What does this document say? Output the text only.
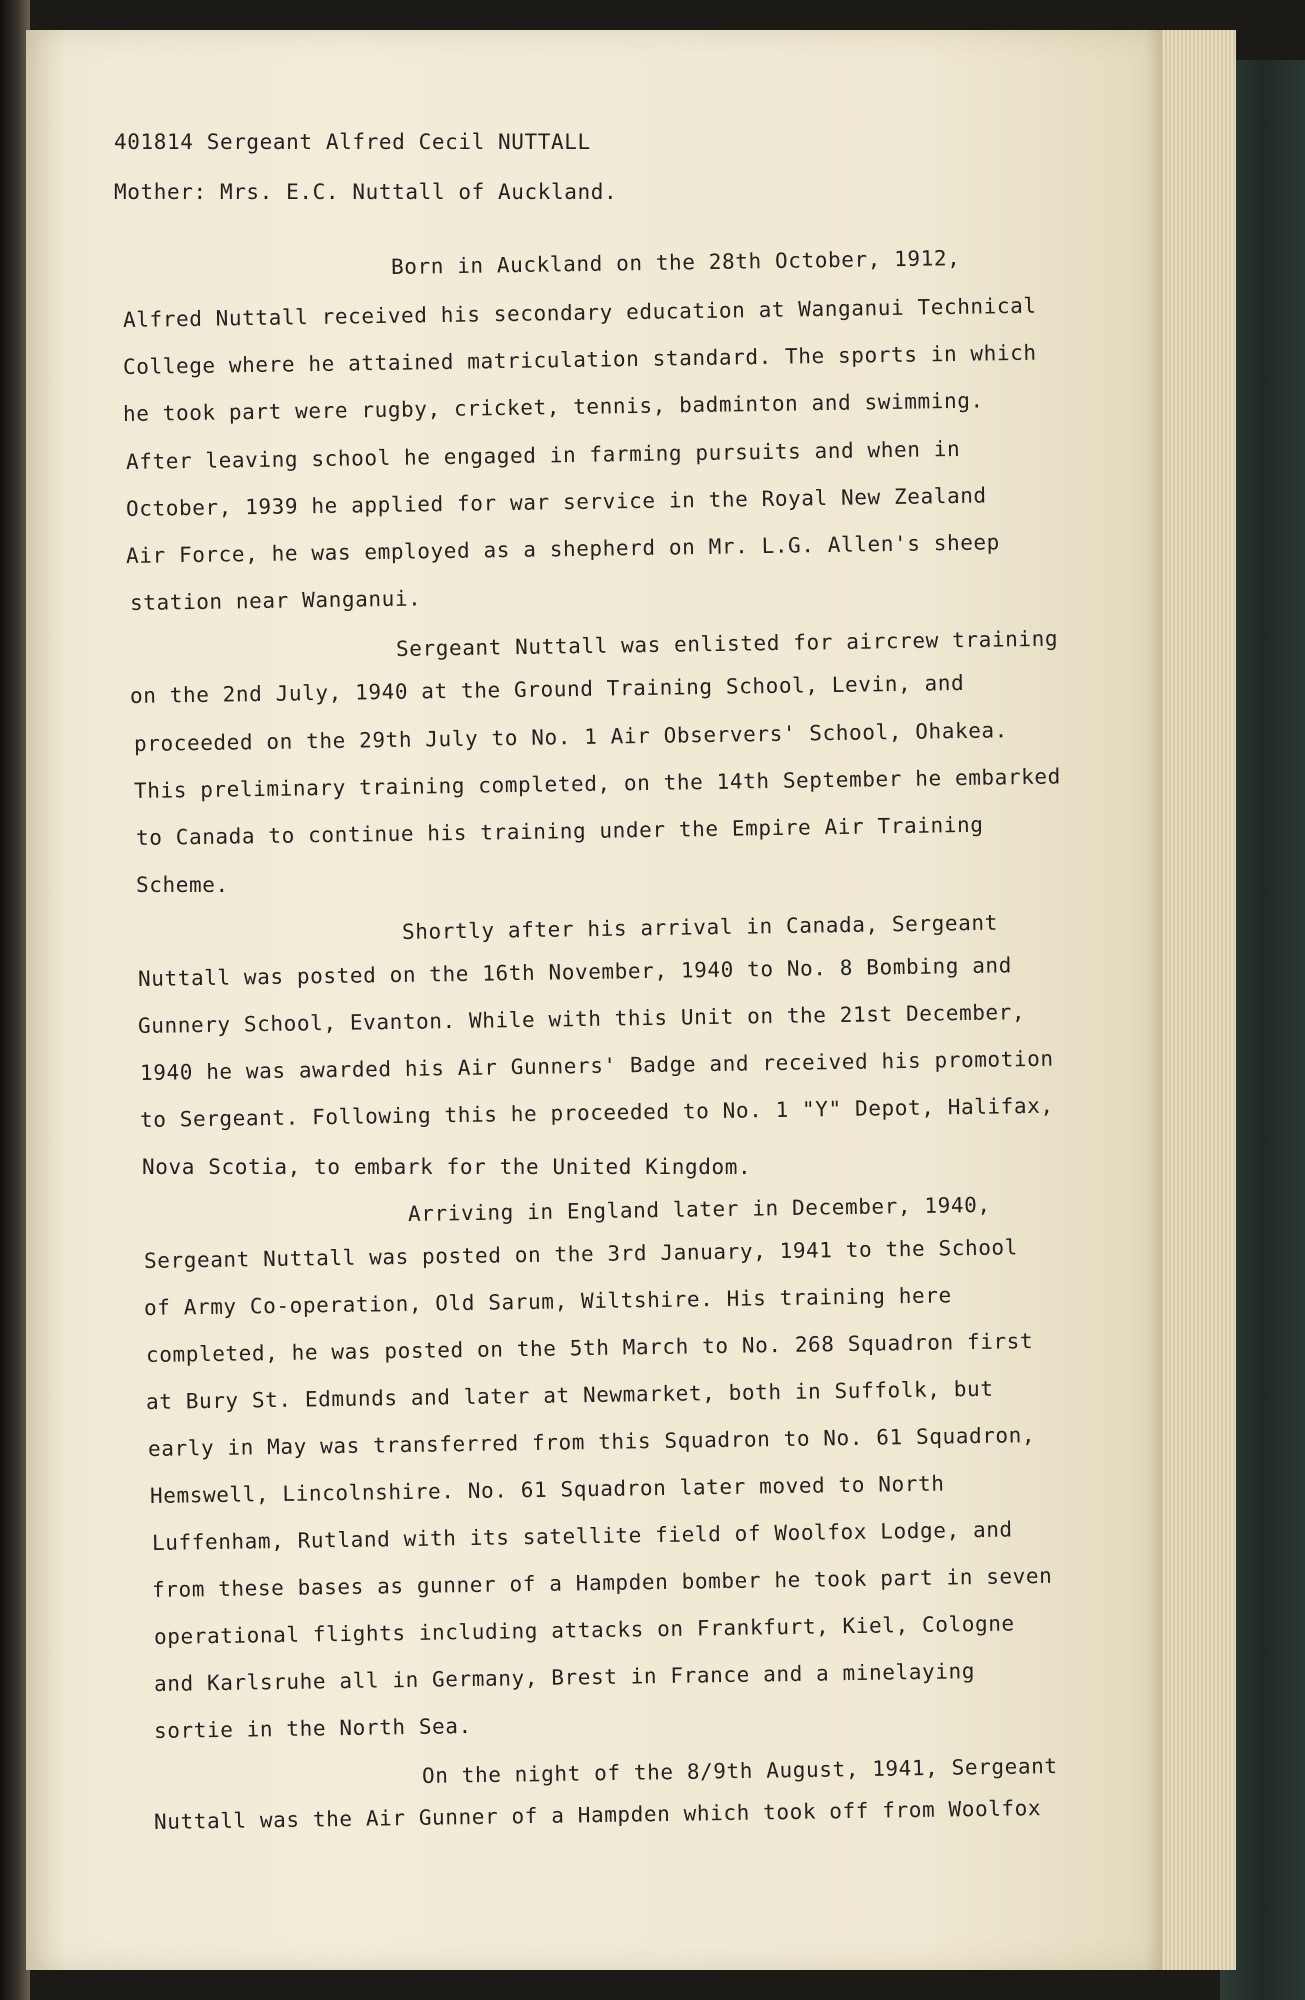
401814 Sergeant Alfred Cecil NUTTALL
Mother: Mrs. E.C. Nuttall of Auckland.
Born in Auckland on the 28th October, 1912,
Alfred Nuttall received his secondary education at Wanganui Technical
College where he attained matriculation standard. The sports in which
he took part were rugby, cricket, tennis, badminton and swimming.
After leaving school he engaged in farming pursuits and when in
October, 1939 he applied for war service in the Royal New Zealand
Air Force, he was employed as a shepherd on Mr. L.G. Allen's sheep
station near Wanganui.
Sergeant Nuttall was enlisted for aircrew training
on the 2nd July, 1940 at the Ground Training School, Levin, and
proceeded on the 29th July to No. 1 Air Observers' School, Ohakea.
This preliminary training completed, on the 14th September he embarked
to Canada to continue his training under the Empire Air Training
Scheme.
Shortly after his arrival in Canada, Sergeant
Nuttall was posted on the 16th November, 1940 to No. 8 Bombing and
Gunnery School, Evanton. While with this Unit on the 21st December,
1940 he was awarded his Air Gunners' Badge and received his promotion
to Sergeant. Following this he proceeded to No. 1 "Y" Depot, Halifax,
Nova Scotia, to embark for the United Kingdom.
Arriving in England later in December, 1940,
Sergeant Nuttall was posted on the 3rd January, 1941 to the School
of Army Co-operation, Old Sarum, Wiltshire. His training here
completed, he was posted on the 5th March to No. 268 Squadron first
at Bury St. Edmunds and later at Newmarket, both in Suffolk, but
early in May was transferred from this Squadron to No. 61 Squadron,
Hemswell, Lincolnshire. No. 61 Squadron later moved to North
Luffenham, Rutland with its satellite field of Woolfox Lodge, and
from these bases as gunner of a Hampden bomber he took part in seven
operational flights including attacks on Frankfurt, Kiel, Cologne
and Karlsruhe all in Germany, Brest in France and a minelaying
sortie in the North Sea.
On the night of the 8/9th August, 1941, Sergeant
Nuttall was the Air Gunner of a Hampden which took off from Woolfox
